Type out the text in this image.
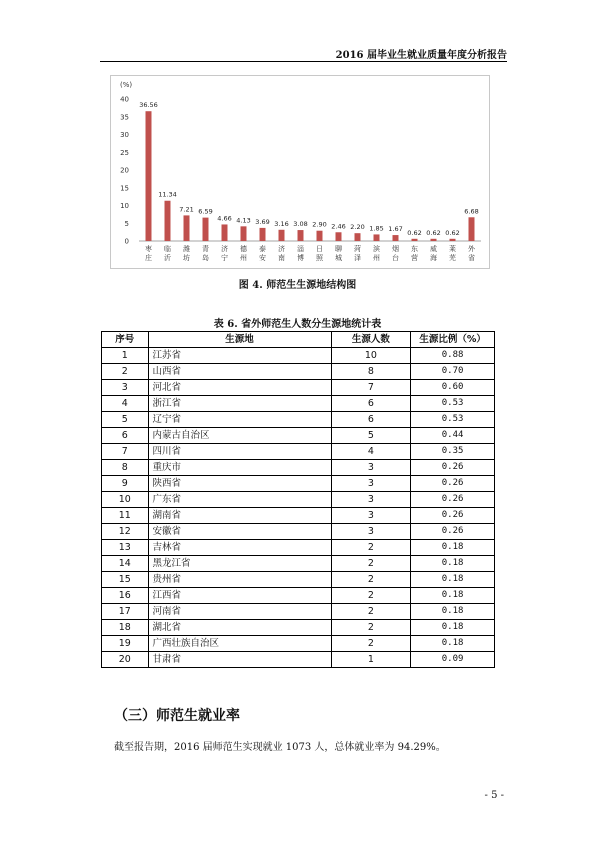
2016 届毕业生就业质量年度分析报告
(%)
0
5
10
15
20
25
30
35
40
36.56
枣
庄
11.34
临
沂
7.21
潍
坊
6.59
青
岛
4.66
济
宁
4.13
德
州
3.69
泰
安
3.16
济
南
3.08
淄
博
2.90
日
照
2.46
聊
城
2.20
菏
泽
1.85
滨
州
1.67
烟
台
0.62
东
营
0.62
威
海
0.62
莱
芜
6.68
外
省
图 4. 师范生生源地结构图
表 6. 省外师范生人数分生源地统计表
序号	生源地	生源人数	生源比例（%）
1	江苏省	10	0.88
2	山西省	8	0.70
3	河北省	7	0.60
4	浙江省	6	0.53
5	辽宁省	6	0.53
6	内蒙古自治区	5	0.44
7	四川省	4	0.35
8	重庆市	3	0.26
9	陕西省	3	0.26
10	广东省	3	0.26
11	湖南省	3	0.26
12	安徽省	3	0.26
13	吉林省	2	0.18
14	黑龙江省	2	0.18
15	贵州省	2	0.18
16	江西省	2	0.18
17	河南省	2	0.18
18	湖北省	2	0.18
19	广西壮族自治区	2	0.18
20	甘肃省	1	0.09
（三）师范生就业率
截至报告期，2016 届师范生实现就业 1073 人，总体就业率为 94.29%。
- 5 -
